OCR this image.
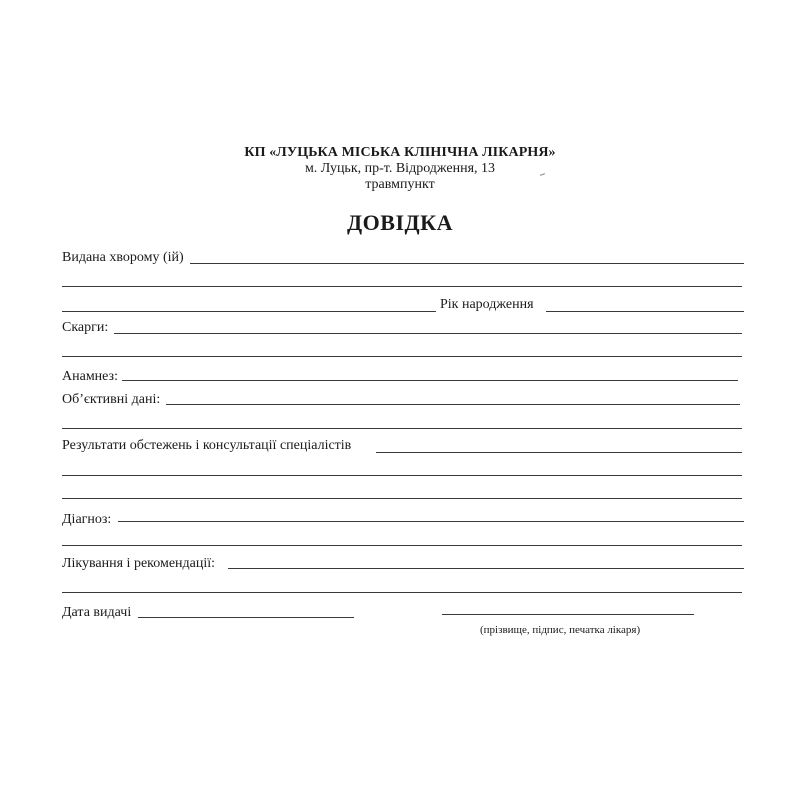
КП «ЛУЦЬКА МІСЬКА КЛІНІЧНА ЛІКАРНЯ»
м. Луцьк, пр-т. Відродження, 13
травмпункт
ДОВІДКА
Видана хворому (ій)
Рік народження
Скарги:
Анамнез:
Об’єктивні дані:
Результати обстежень і консультації спеціалістів
Діагноз:
Лікування і рекомендації:
Дата видачі
(прізвище, підпис, печатка лікаря)
